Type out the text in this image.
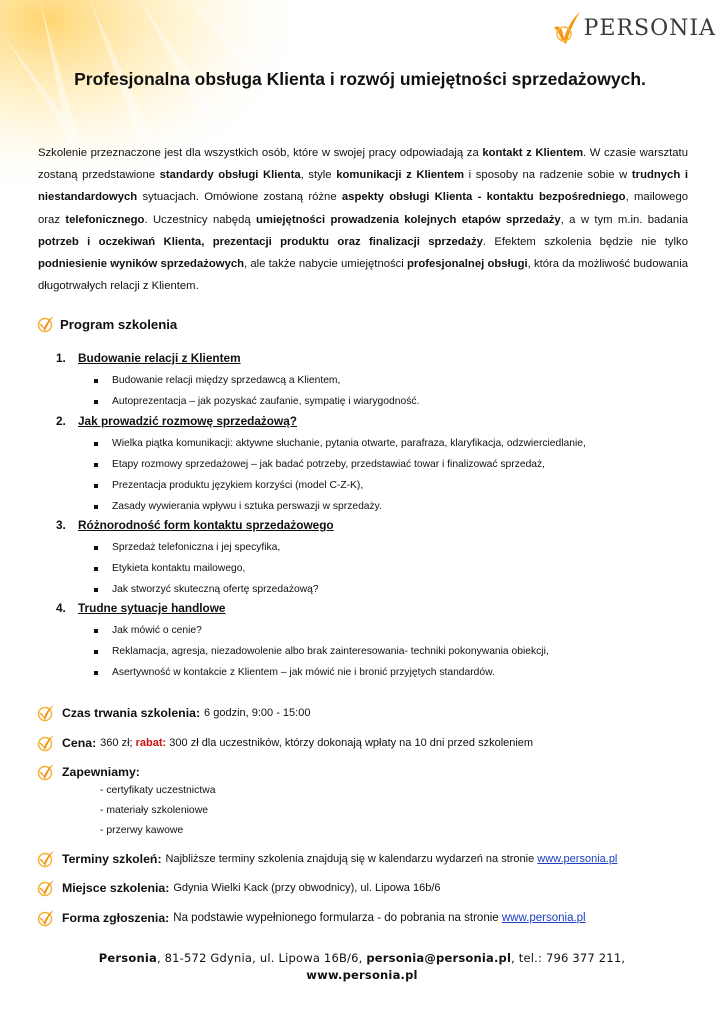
PERSONIA
Profesjonalna obsługa Klienta i rozwój umiejętności sprzedażowych.
Szkolenie przeznaczone jest dla wszystkich osób, które w swojej pracy odpowiadają za kontakt z Klientem. W czasie warsztatu zostaną przedstawione standardy obsługi Klienta, style komunikacji z Klientem i sposoby na radzenie sobie w trudnych i niestandardowych sytuacjach. Omówione zostaną różne aspekty obsługi Klienta - kontaktu bezpośredniego, mailowego oraz telefonicznego. Uczestnicy nabędą umiejętności prowadzenia kolejnych etapów sprzedaży, a w tym m.in. badania potrzeb i oczekiwań Klienta, prezentacji produktu oraz finalizacji sprzedaży. Efektem szkolenia będzie nie tylko podniesienie wyników sprzedażowych, ale także nabycie umiejętności profesjonalnej obsługi, która da możliwość budowania długotrwałych relacji z Klientem.
Program szkolenia
1. Budowanie relacji z Klientem
Budowanie relacji między sprzedawcą a Klientem,
Autoprezentacja – jak pozyskać zaufanie, sympatię i wiarygodność.
2. Jak prowadzić rozmowę sprzedażową?
Wielka piątka komunikacji: aktywne słuchanie, pytania otwarte, parafraza, klaryfikacja, odzwierciedlanie,
Etapy rozmowy sprzedażowej – jak badać potrzeby, przedstawiać towar i finalizować sprzedaż,
Prezentacja produktu językiem korzyści (model C-Z-K),
Zasady wywierania wpływu i sztuka perswazji w sprzedaży.
3. Różnorodność form kontaktu sprzedażowego
Sprzedaż telefoniczna i jej specyfika,
Etykieta kontaktu mailowego,
Jak stworzyć skuteczną ofertę sprzedażową?
4. Trudne sytuacje handlowe
Jak mówić o cenie?
Reklamacja, agresja, niezadowolenie albo brak zainteresowania- techniki pokonywania obiekcji,
Asertywność w kontakcie z Klientem – jak mówić nie i bronić przyjętych standardów.
Czas trwania szkolenia: 6 godzin, 9:00 - 15:00
Cena: 360 zł;
rabat:
300 zł dla uczestników, którzy dokonają wpłaty na 10 dni przed szkoleniem
Zapewniamy:
- certyfikaty uczestnictwa
- materiały szkoleniowe
- przerwy kawowe
Terminy szkoleń: Najbliższe terminy szkolenia znajdują się w kalendarzu wydarzeń na stronie www.personia.pl
Miejsce szkolenia: Gdynia Wielki Kack (przy obwodnicy), ul. Lipowa 16b/6
Forma zgłoszenia: Na podstawie wypełnionego formularza - do pobrania na stronie www.personia.pl
Personia, 81-572 Gdynia, ul. Lipowa 16B/6, personia@personia.pl, tel.: 796 377 211,
www.personia.pl
